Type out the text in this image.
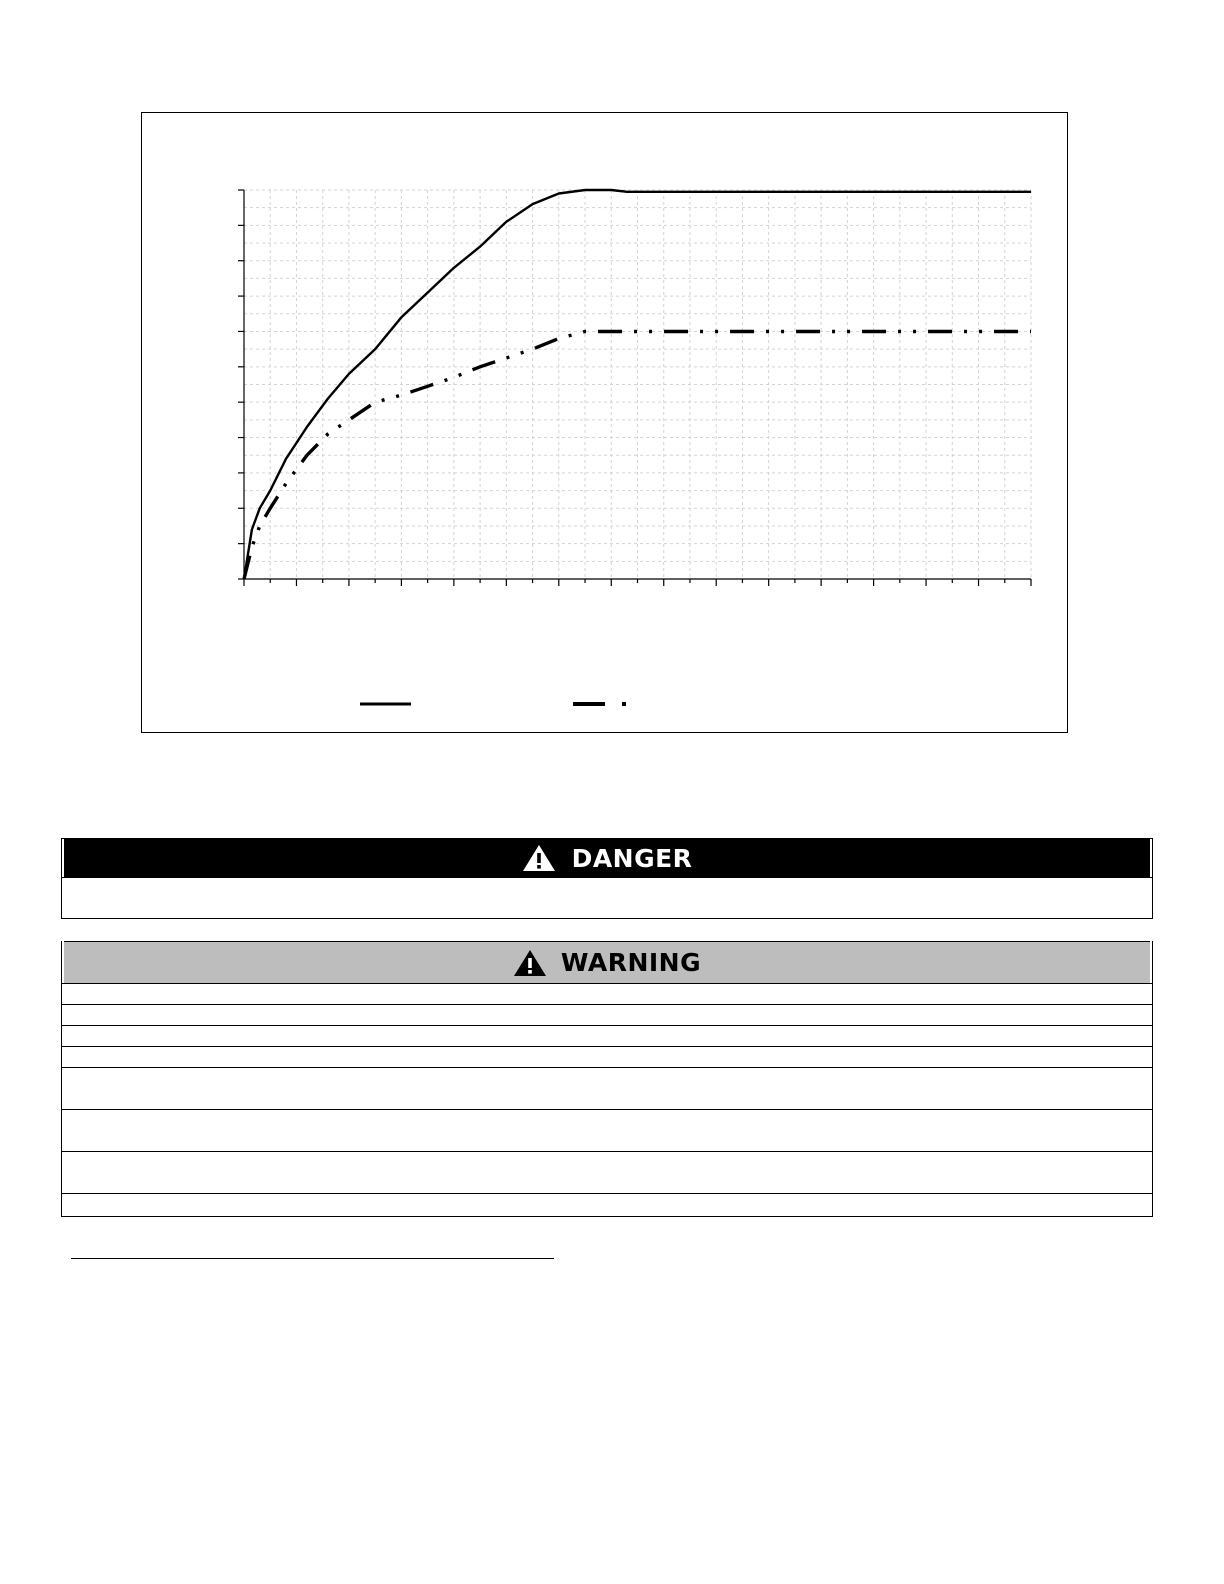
DANGER
WARNING
